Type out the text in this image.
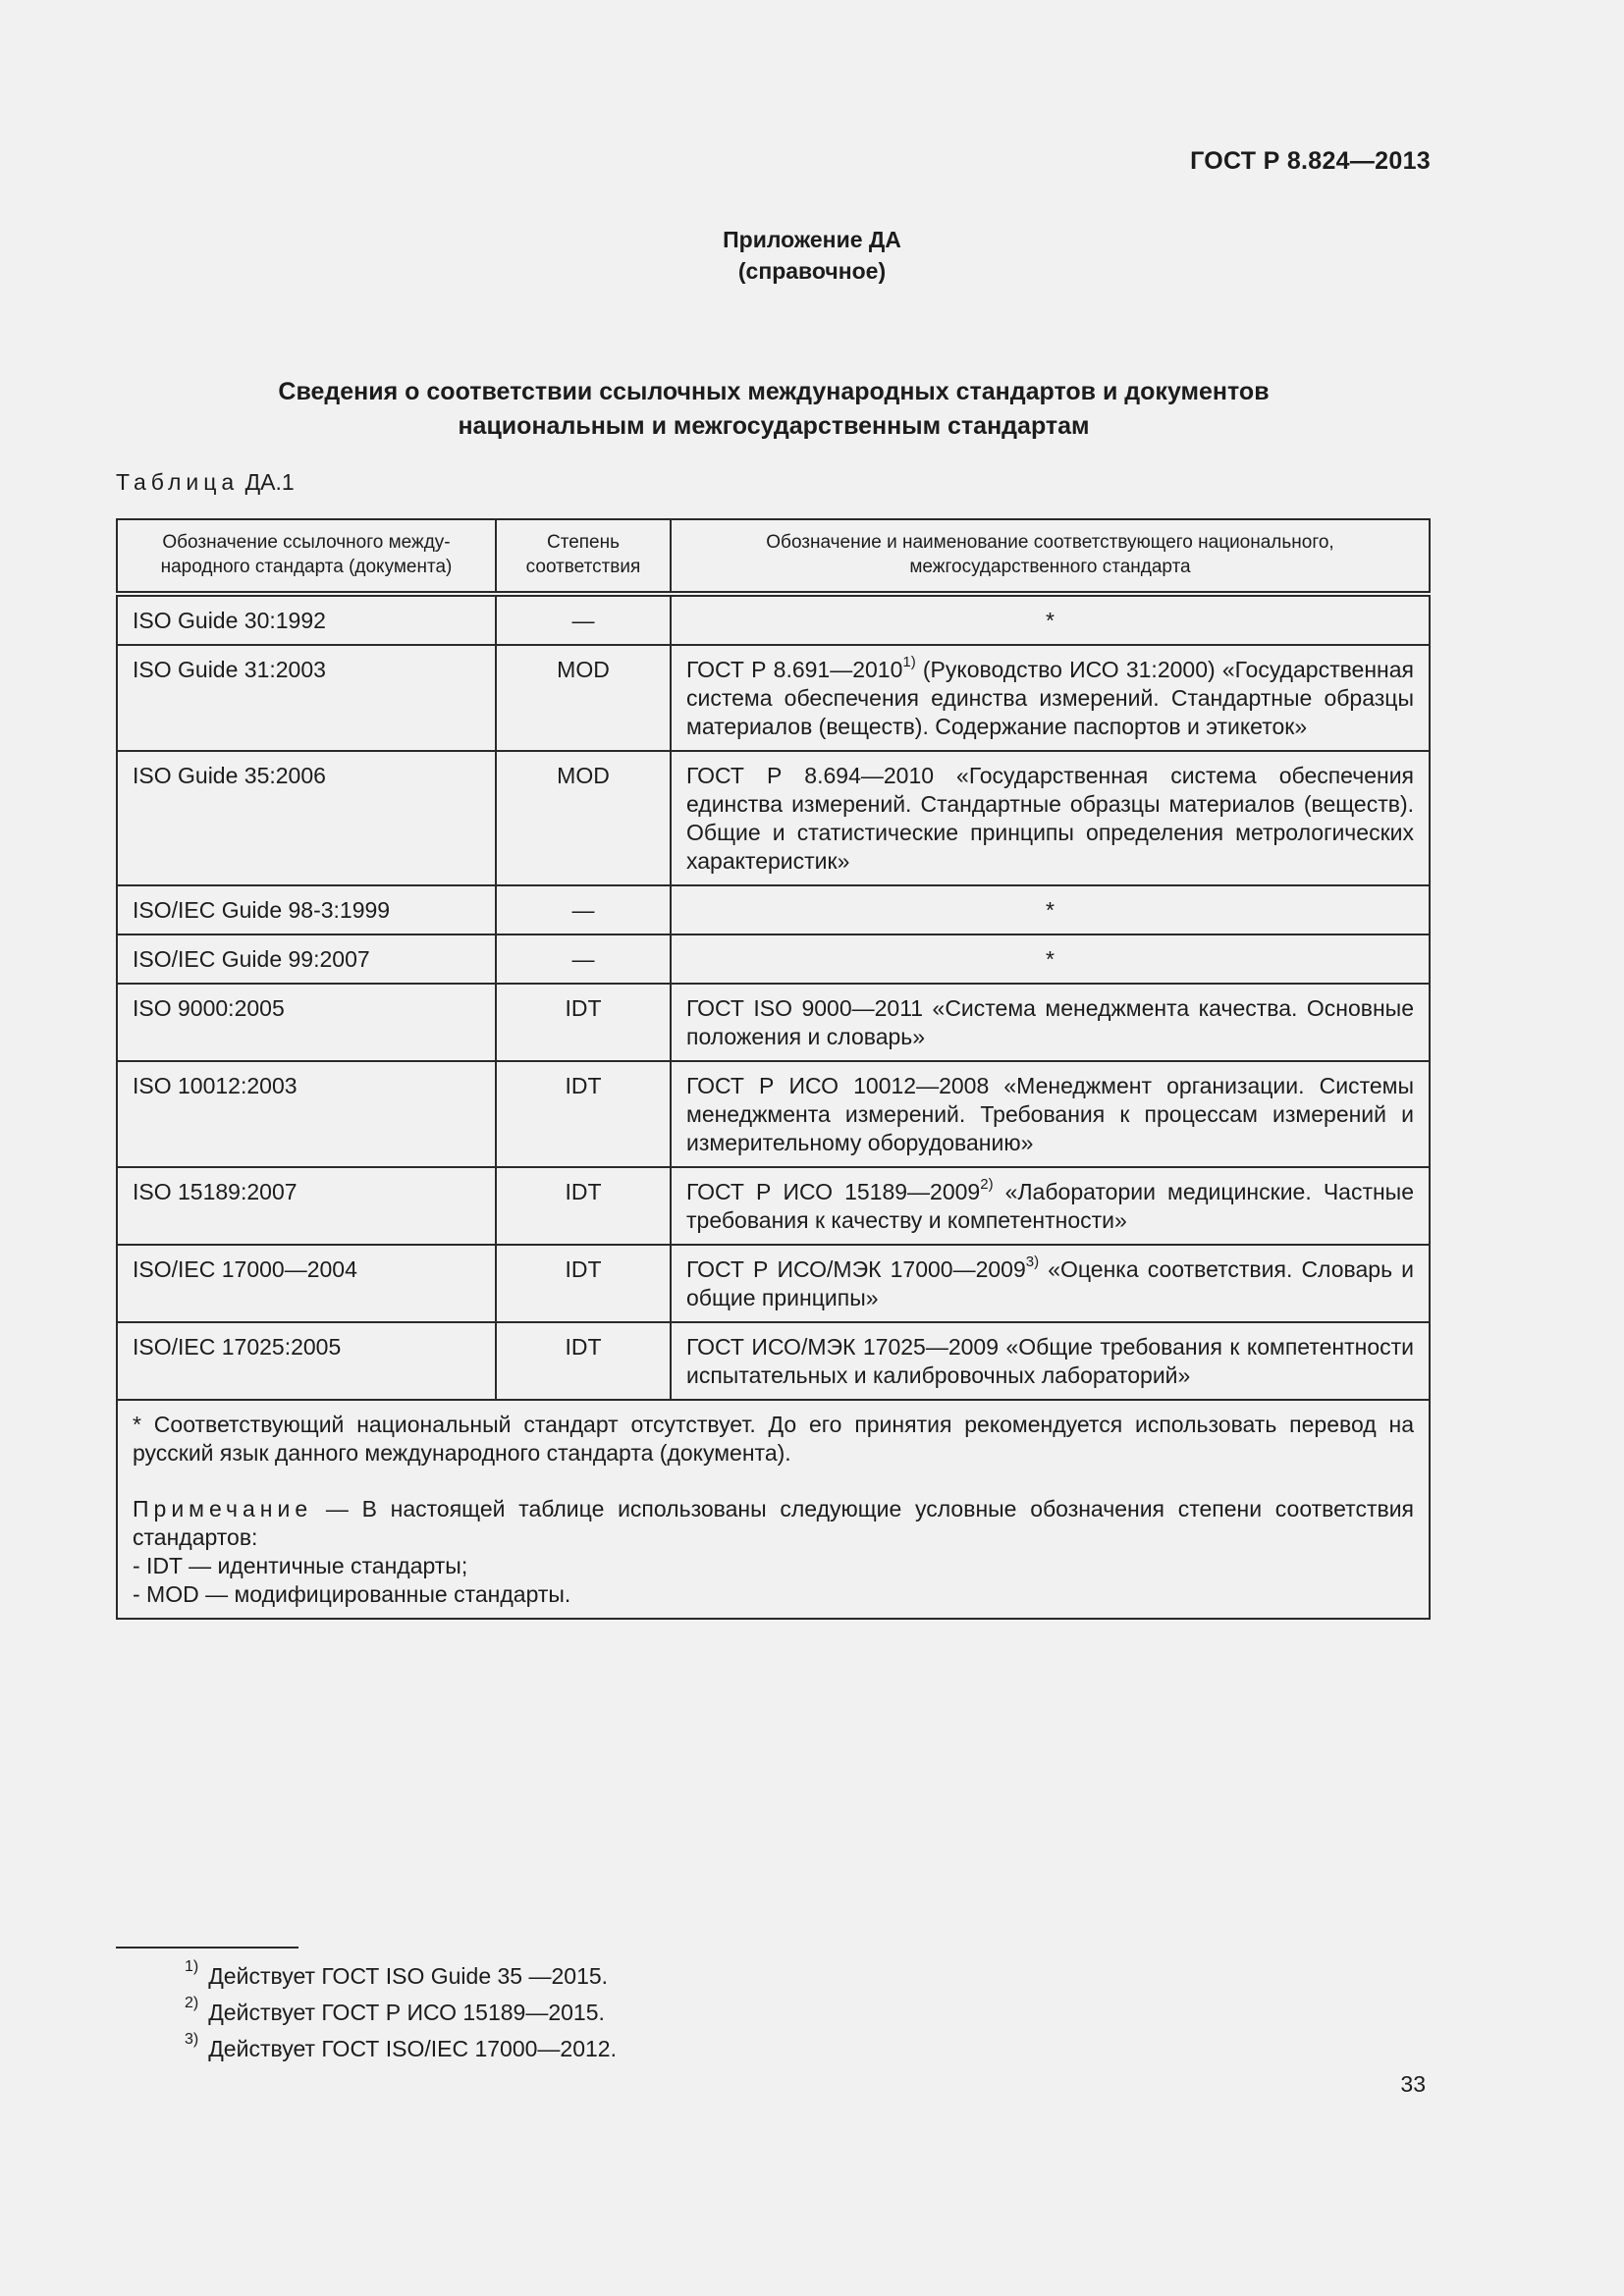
ГОСТ Р 8.824—2013
Приложение ДА
(справочное)
Сведения о соответствии ссылочных международных стандартов и документов
национальным и межгосударственным стандартам
Таблица ДА.1
Обозначение ссылочного между-народного стандарта (документа)	Степень соответствия	Обозначение и наименование соответствующего национального, межгосударственного стандарта
ISO Guide 30:1992	—	*
ISO Guide 31:2003	MOD	ГОСТ Р 8.691—2010$^{1)}$ (Руководство ИСО 31:2000) «Государственная система обеспечения единства измерений. Стандартные образцы материалов (веществ). Содержание паспортов и этикеток»
ISO Guide 35:2006	MOD	ГОСТ Р 8.694—2010 «Государственная система обеспечения единства измерений. Стандартные образцы материалов (веществ). Общие и статистические принципы определения метрологических характеристик»
ISO/IEC Guide 98-3:1999	—	*
ISO/IEC Guide 99:2007	—	*
ISO 9000:2005	IDT	ГОСТ ISO 9000—2011 «Система менеджмента качества. Основные положения и словарь»
ISO 10012:2003	IDT	ГОСТ Р ИСО 10012—2008 «Менеджмент организации. Системы менеджмента измерений. Требования к процессам измерений и измерительному оборудованию»
ISO 15189:2007	IDT	ГОСТ Р ИСО 15189—2009$^{2)}$ «Лаборатории медицинские. Частные требования к качеству и компетентности»
ISO/IEC 17000—2004	IDT	ГОСТ Р ИСО/МЭК 17000—2009$^{3)}$ «Оценка соответствия. Словарь и общие принципы»
ISO/IEC 17025:2005	IDT	ГОСТ ИСО/МЭК 17025—2009 «Общие требования к компетентности испытательных и калибровочных лабораторий»

* Соответствующий национальный стандарт отсутствует. До его принятия рекомендуется использовать перевод на русский язык данного международного стандарта (документа).

Примечание — В настоящей таблице использованы следующие условные обозначения степени соответствия стандартов:

- IDT — идентичные стандарты;

- MOD — модифицированные стандарты.		

$^{1)}$ Действует ГОСТ ISO Guide 35 —2015.
$^{2)}$ Действует ГОСТ Р ИСО 15189—2015.
$^{3)}$ Действует ГОСТ ISO/IEC 17000—2012.
33
